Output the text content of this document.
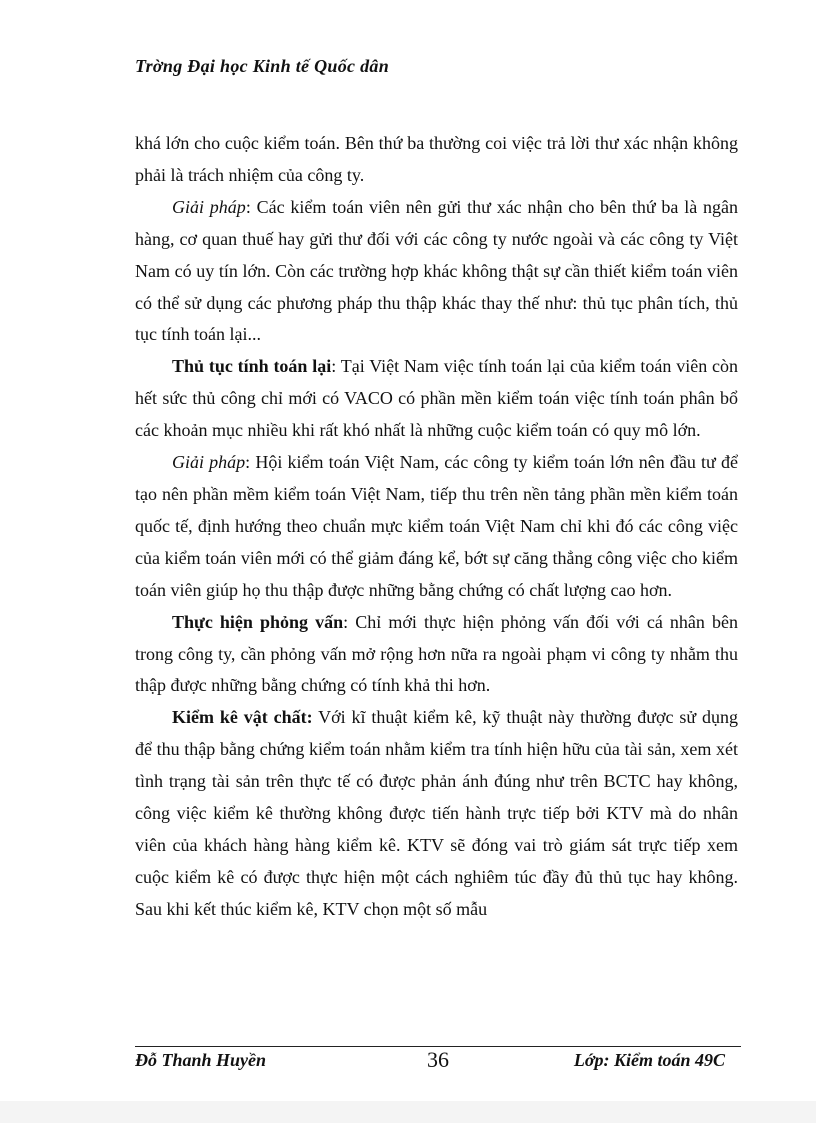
Trờng Đại học Kinh tế Quốc dân

khá lớn cho cuộc kiểm toán. Bên thứ ba thường coi việc trả lời thư xác nhận không phải là trách nhiệm của công ty.

Giải pháp: Các kiểm toán viên nên gửi thư xác nhận cho bên thứ ba là ngân hàng, cơ quan thuế hay gửi thư đối với các công ty nước ngoài và các công ty Việt Nam có uy tín lớn. Còn các trường hợp khác không thật sự cần thiết kiểm toán viên có thể sử dụng các phương pháp thu thập khác thay thế như: thủ tục phân tích, thủ tục tính toán lại...

Thủ tục tính toán lại: Tại Việt Nam việc tính toán lại của kiểm toán viên còn hết sức thủ công chỉ mới có VACO có phần mền kiểm toán việc tính toán phân bổ các khoản mục nhiều khi rất khó nhất là những cuộc kiểm toán có quy mô lớn.

Giải pháp: Hội kiểm toán Việt Nam, các công ty kiểm toán lớn nên đầu tư để tạo nên phần mềm kiểm toán Việt Nam, tiếp thu trên nền tảng phần mền kiểm toán quốc tế, định hướng theo chuẩn mực kiểm toán Việt Nam chỉ khi đó các công việc của kiểm toán viên mới có thể giảm đáng kể, bớt sự căng thẳng công việc cho kiểm toán viên giúp họ thu thập được những bằng chứng có chất lượng cao hơn.

Thực hiện phỏng vấn: Chỉ mới thực hiện phỏng vấn đối với cá nhân bên trong công ty, cần phỏng vấn mở rộng hơn nữa ra ngoài phạm vi công ty nhằm thu thập được những bằng chứng có tính khả thi hơn.

Kiểm kê vật chất: Với kĩ thuật kiểm kê, kỹ thuật này thường được sử dụng để thu thập bằng chứng kiểm toán nhằm kiểm tra tính hiện hữu của tài sản, xem xét tình trạng tài sản trên thực tế có được phản ánh đúng như trên BCTC hay không, công việc kiểm kê thường không được tiến hành trực tiếp bởi KTV mà do nhân viên của khách hàng hàng kiểm kê. KTV sẽ đóng vai trò giám sát trực tiếp xem cuộc kiểm kê có được thực hiện một cách nghiêm túc đầy đủ thủ tục hay không. Sau khi kết thúc kiểm kê, KTV chọn một số mẫu

Đỗ Thanh Huyền	36	Lớp: Kiểm toán 49C
